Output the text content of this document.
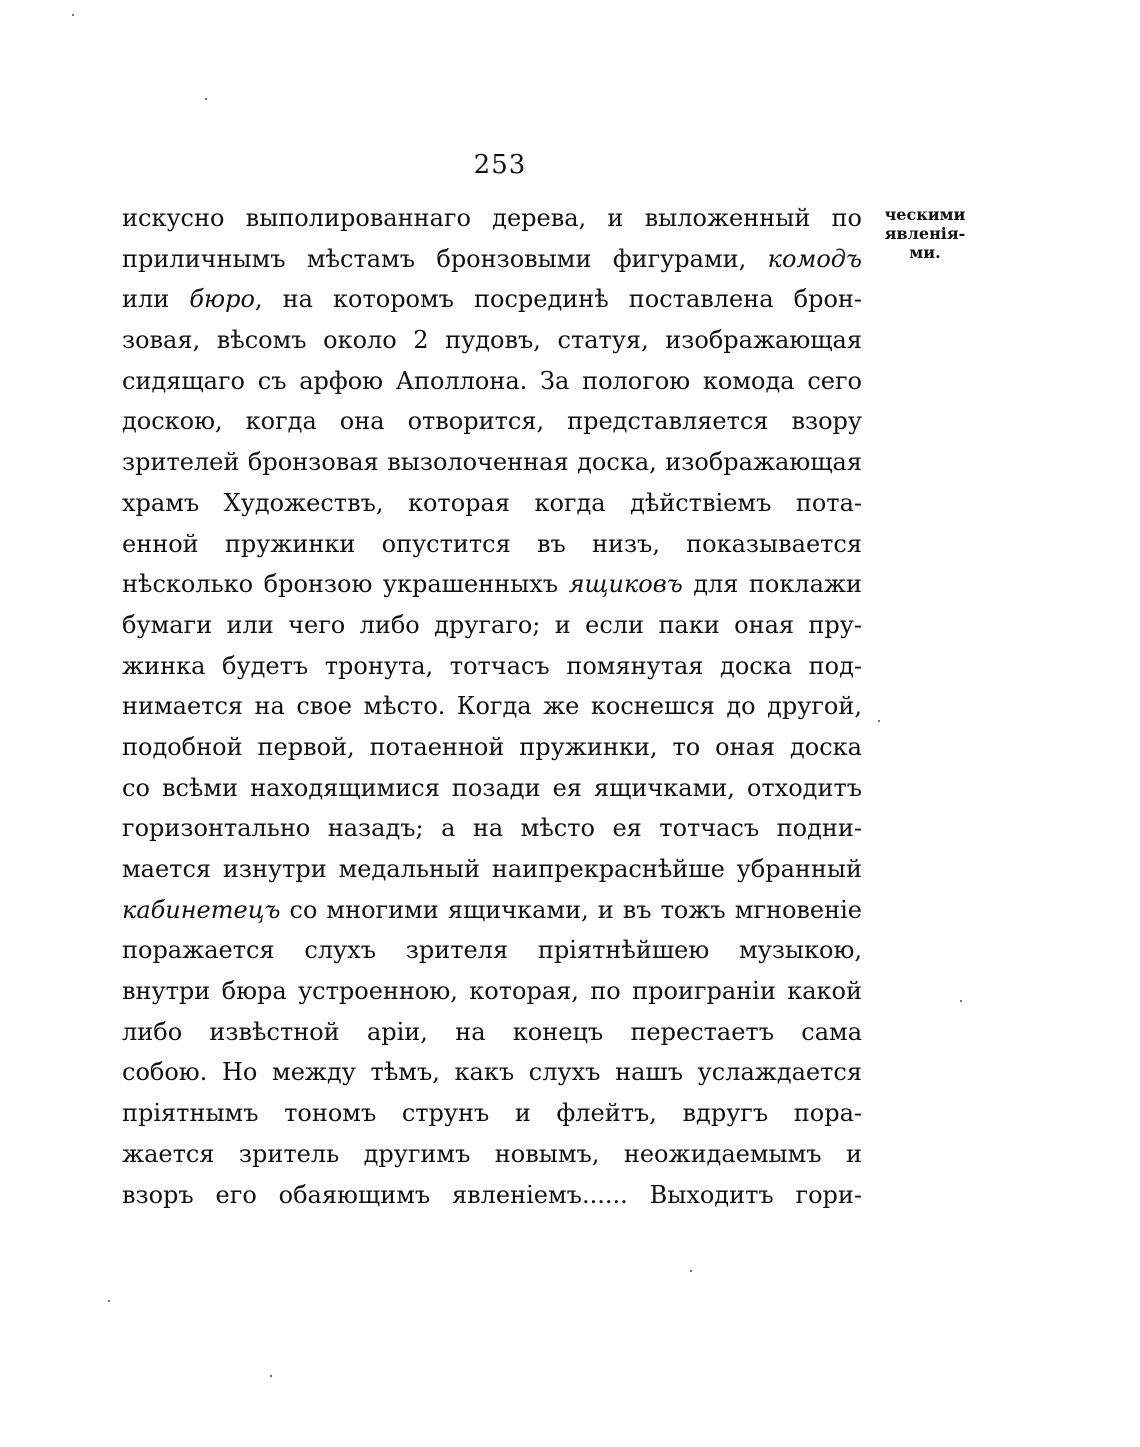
253
искусно выполированнаго дерева, и выложенный по
приличнымъ мѣстамъ бронзовыми фигурами, комодъ
или бюро, на которомъ посрединѣ поставлена брон-
зовая, вѣсомъ около 2 пудовъ, статуя, изображающая
сидящаго съ арфою Аполлона. За пологою комода сего
доскою, когда она отворится, представляется взору
зрителей бронзовая вызолоченная доска, изображающая
храмъ Художествъ, которая когда дѣйствіемъ пота-
енной пружинки опустится въ низъ, показывается
нѣсколько бронзою украшенныхъ ящиковъ для поклажи
бумаги или чего либо другаго; и если паки оная пру-
жинка будетъ тронута, тотчасъ помянутая доска под-
нимается на свое мѣсто. Когда же коснешся до другой,
подобной первой, потаенной пружинки, то оная доска
со всѣми находящимися позади ея ящичками, отходитъ
горизонтально назадъ; а на мѣсто ея тотчасъ подни-
мается изнутри медальный наипрекраснѣйше убранный
кабинетецъ со многими ящичками, и въ тожъ мгновеніе
поражается слухъ зрителя пріятнѣйшею музыкою,
внутри бюра устроенною, которая, по проиграніи какой
либо извѣстной аріи, на конецъ перестаетъ сама
собою. Но между тѣмъ, какъ слухъ нашъ услаждается
пріятнымъ тономъ струнъ и флейтъ, вдругъ пора-
жается зритель другимъ новымъ, неожидаемымъ и
взоръ его обаяющимъ явленіемъ...... Выходитъ гори-
ческими
явленія-
ми.
